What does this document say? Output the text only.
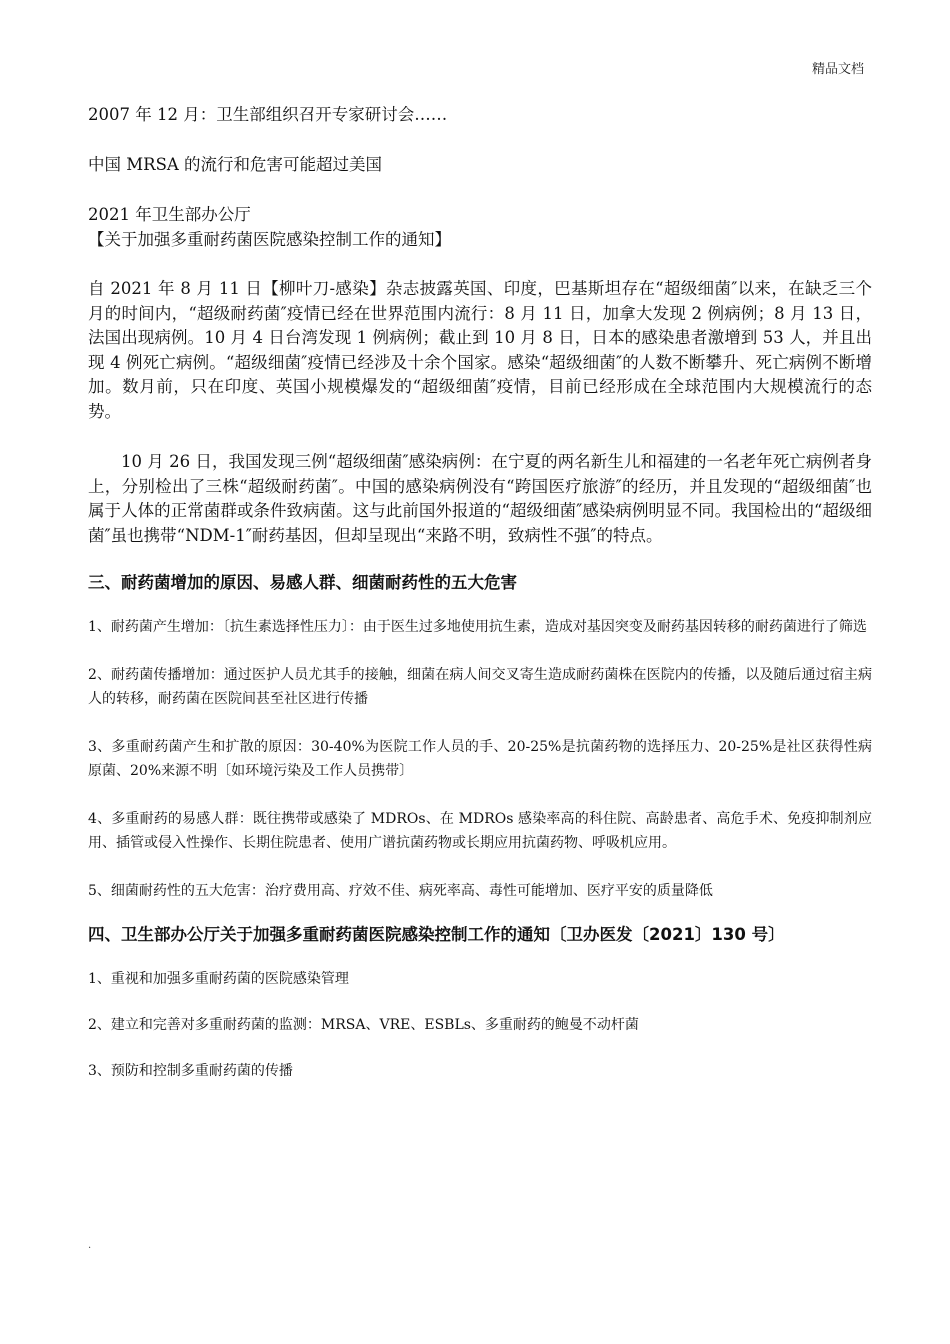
精品文档

2007 年 12 月：卫生部组织召开专家研讨会……

中国 MRSA 的流行和危害可能超过美国

2021 年卫生部办公厅

【关于加强多重耐药菌医院感染控制工作的通知】

自 2021 年 8 月 11 日【柳叶刀-感染】杂志披露英国、印度，巴基斯坦存在“超级细菌″以来，在缺乏三个月的时间内，“超级耐药菌″疫情已经在世界范围内流行：8 月 11 日，加拿大发现 2 例病例；8 月 13 日，法国出现病例。10 月 4 日台湾发现 1 例病例；截止到 10 月 8 日，日本的感染患者激增到 53 人，并且出现 4 例死亡病例。“超级细菌″疫情已经涉及十余个国家。感染“超级细菌″的人数不断攀升、死亡病例不断增加。数月前，只在印度、英国小规模爆发的“超级细菌″疫情，目前已经形成在全球范围内大规模流行的态势。

10 月 26 日，我国发现三例“超级细菌″感染病例：在宁夏的两名新生儿和福建的一名老年死亡病例者身上，分别检出了三株“超级耐药菌″。中国的感染病例没有“跨国医疗旅游″的经历，并且发现的“超级细菌″也属于人体的正常菌群或条件致病菌。这与此前国外报道的“超级细菌″感染病例明显不同。我国检出的“超级细菌″虽也携带“NDM-1″耐药基因，但却呈现出“来路不明，致病性不强″的特点。

三、耐药菌增加的原因、易感人群、细菌耐药性的五大危害

1、耐药菌产生增加：〔抗生素选择性压力〕：由于医生过多地使用抗生素，造成对基因突变及耐药基因转移的耐药菌进行了筛选

2、耐药菌传播增加：通过医护人员尤其手的接触，细菌在病人间交叉寄生造成耐药菌株在医院内的传播，以及随后通过宿主病人的转移，耐药菌在医院间甚至社区进行传播

3、多重耐药菌产生和扩散的原因：30-40%为医院工作人员的手、20-25%是抗菌药物的选择压力、20-25%是社区获得性病原菌、20%来源不明〔如环境污染及工作人员携带〕

4、多重耐药的易感人群：既往携带或感染了 MDROs、在 MDROs 感染率高的科住院、高龄患者、高危手术、免疫抑制剂应用、插管或侵入性操作、长期住院患者、使用广谱抗菌药物或长期应用抗菌药物、呼吸机应用。

5、细菌耐药性的五大危害：治疗费用高、疗效不佳、病死率高、毒性可能增加、医疗平安的质量降低

四、卫生部办公厅关于加强多重耐药菌医院感染控制工作的通知〔卫办医发〔2021〕130 号〕

1、重视和加强多重耐药菌的医院感染管理

2、建立和完善对多重耐药菌的监测：MRSA、VRE、ESBLs、多重耐药的鲍曼不动杆菌

3、预防和控制多重耐药菌的传播

.
